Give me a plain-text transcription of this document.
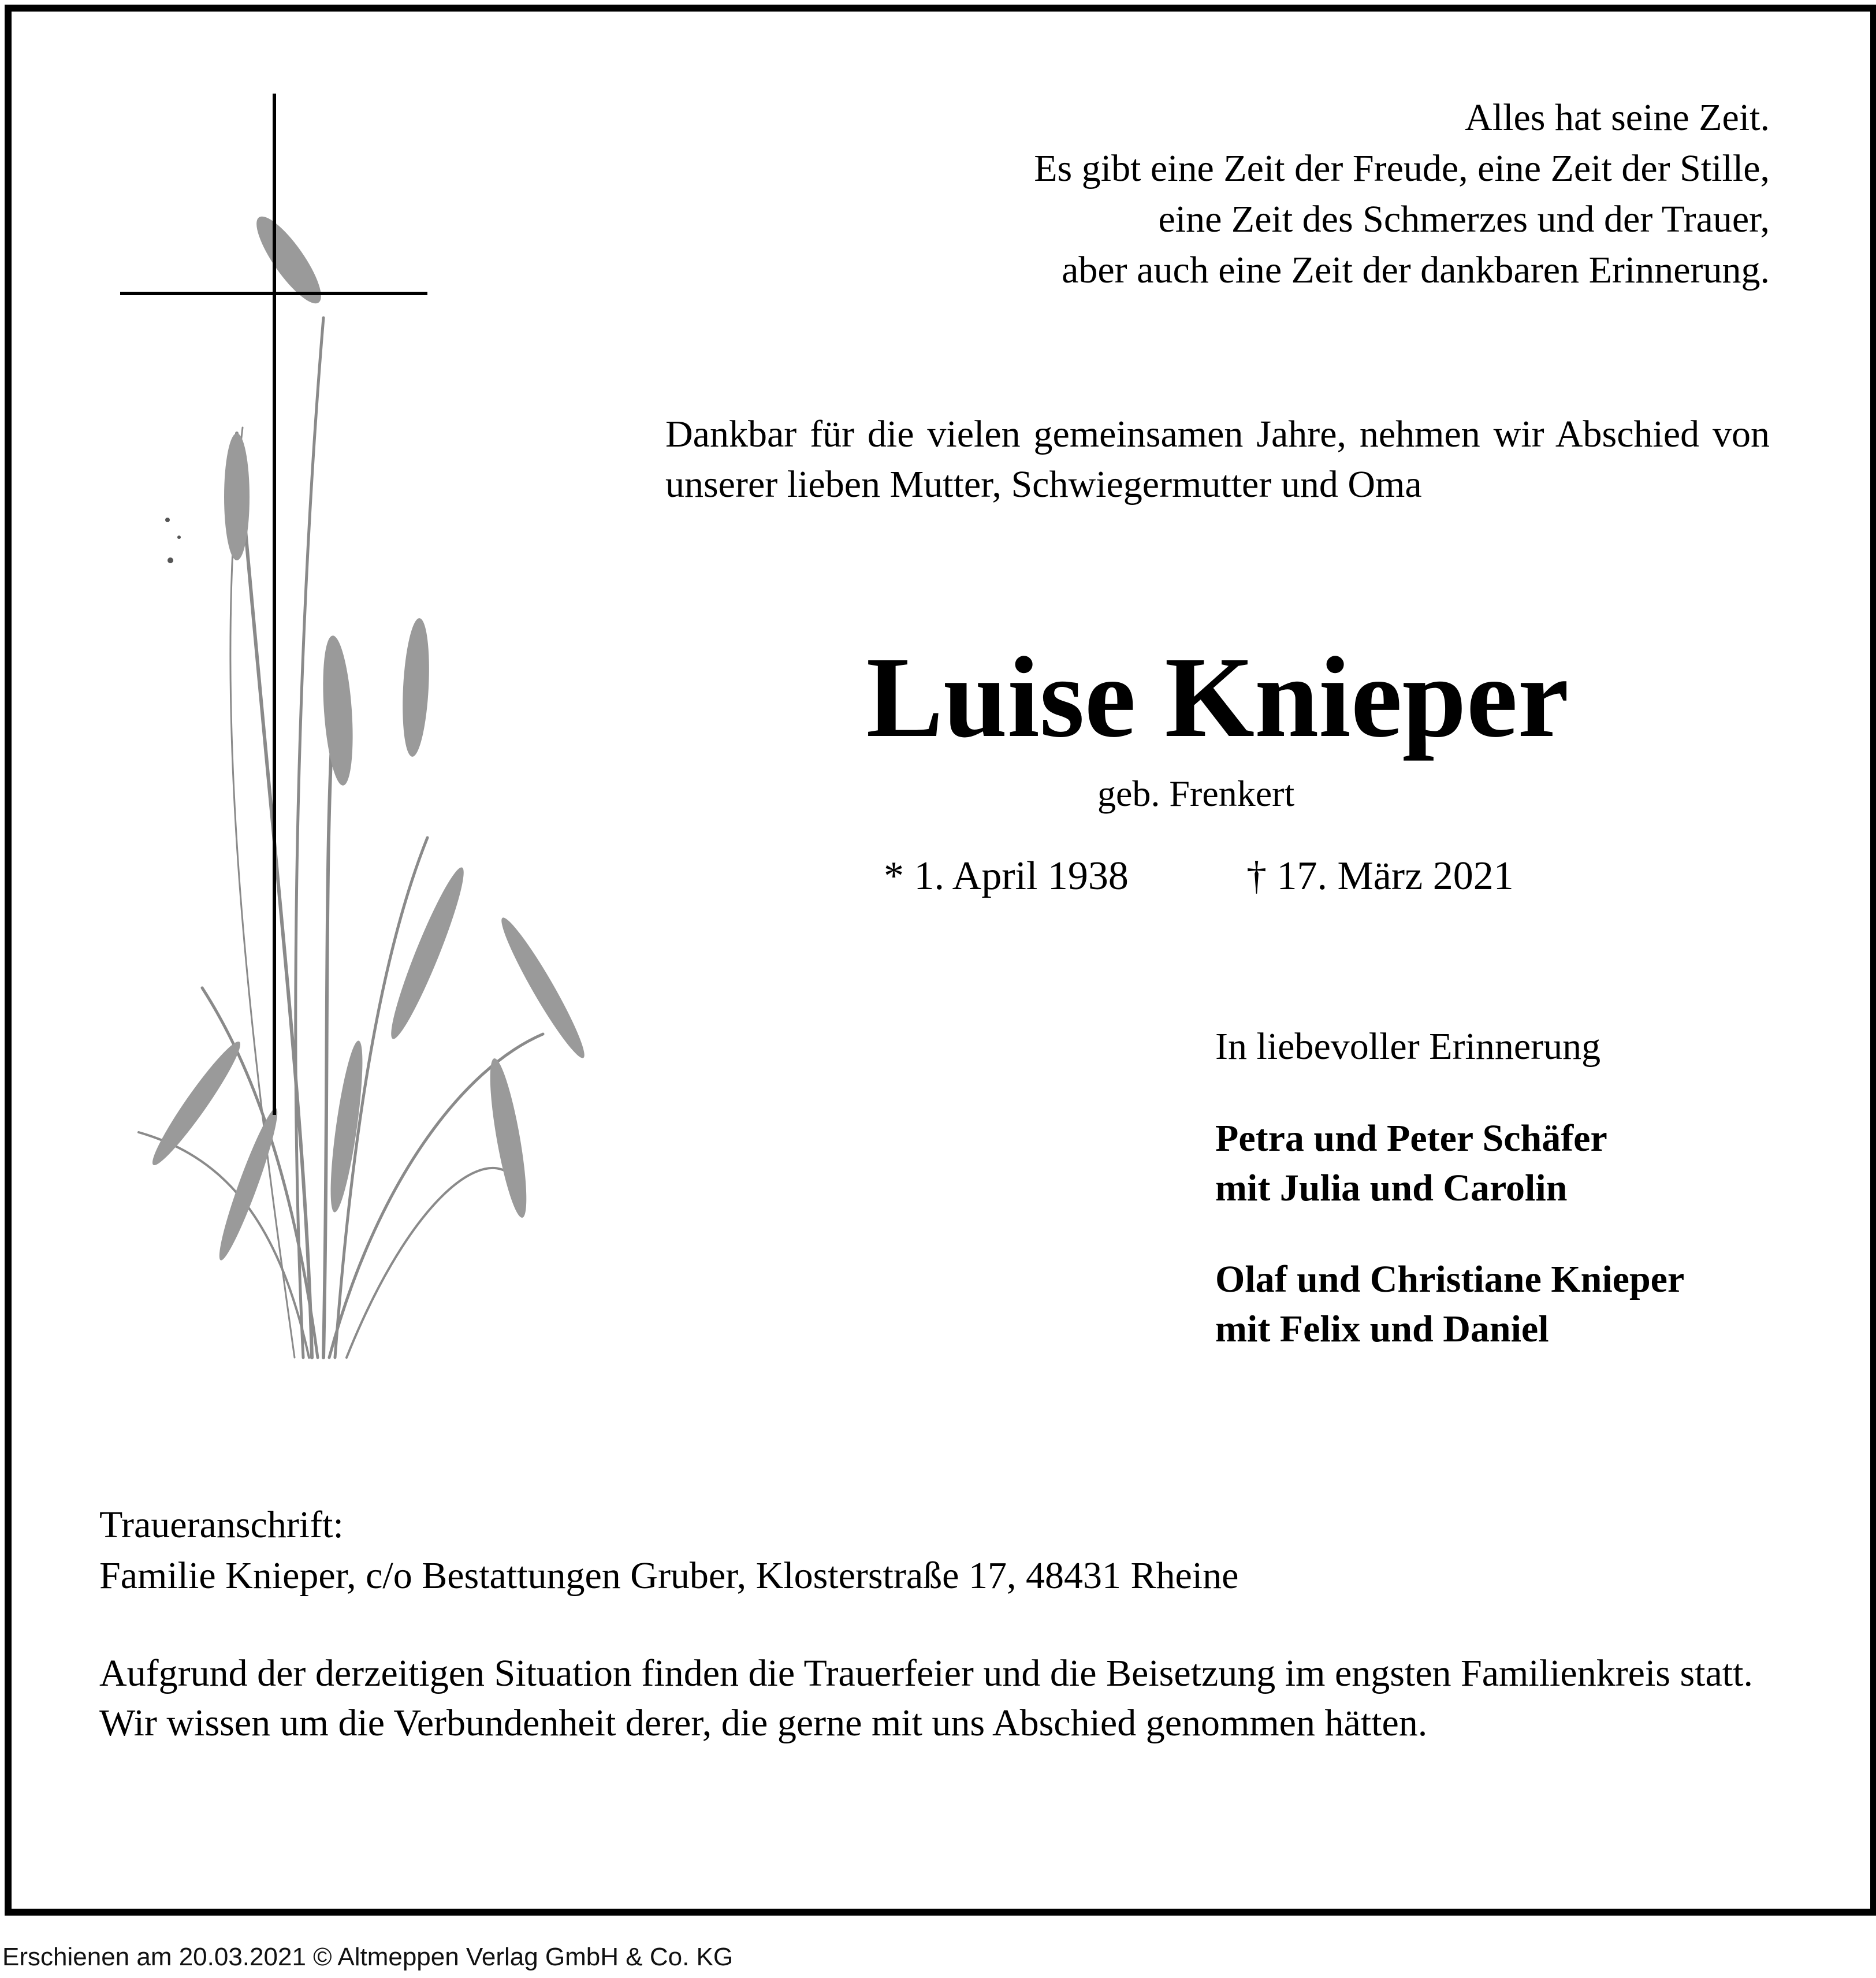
Alles hat seine Zeit.
Es gibt eine Zeit der Freude, eine Zeit der Stille,
eine Zeit des Schmerzes und der Trauer,
aber auch eine Zeit der dankbaren Erinnerung.
Dankbar für die vielen gemeinsamen Jahre, nehmen wir Abschied von unserer lieben Mutter, Schwiegermutter und Oma
Luise Knieper
geb. Frenkert
* 1. April 1938	† 17. März 2021
In liebevoller Erinnerung
Petra und Peter Schäfer
mit Julia und Carolin
Olaf und Christiane Knieper
mit Felix und Daniel
Traueranschrift:
Familie Knieper, c/o Bestattungen Gruber, Klosterstraße 17, 48431 Rheine
Aufgrund der derzeitigen Situation finden die Trauerfeier und die Beisetzung im engsten Familienkreis statt.
Wir wissen um die Verbundenheit derer, die gerne mit uns Abschied genommen hätten.
Erschienen am 20.03.2021 © Altmeppen Verlag GmbH & Co. KG
